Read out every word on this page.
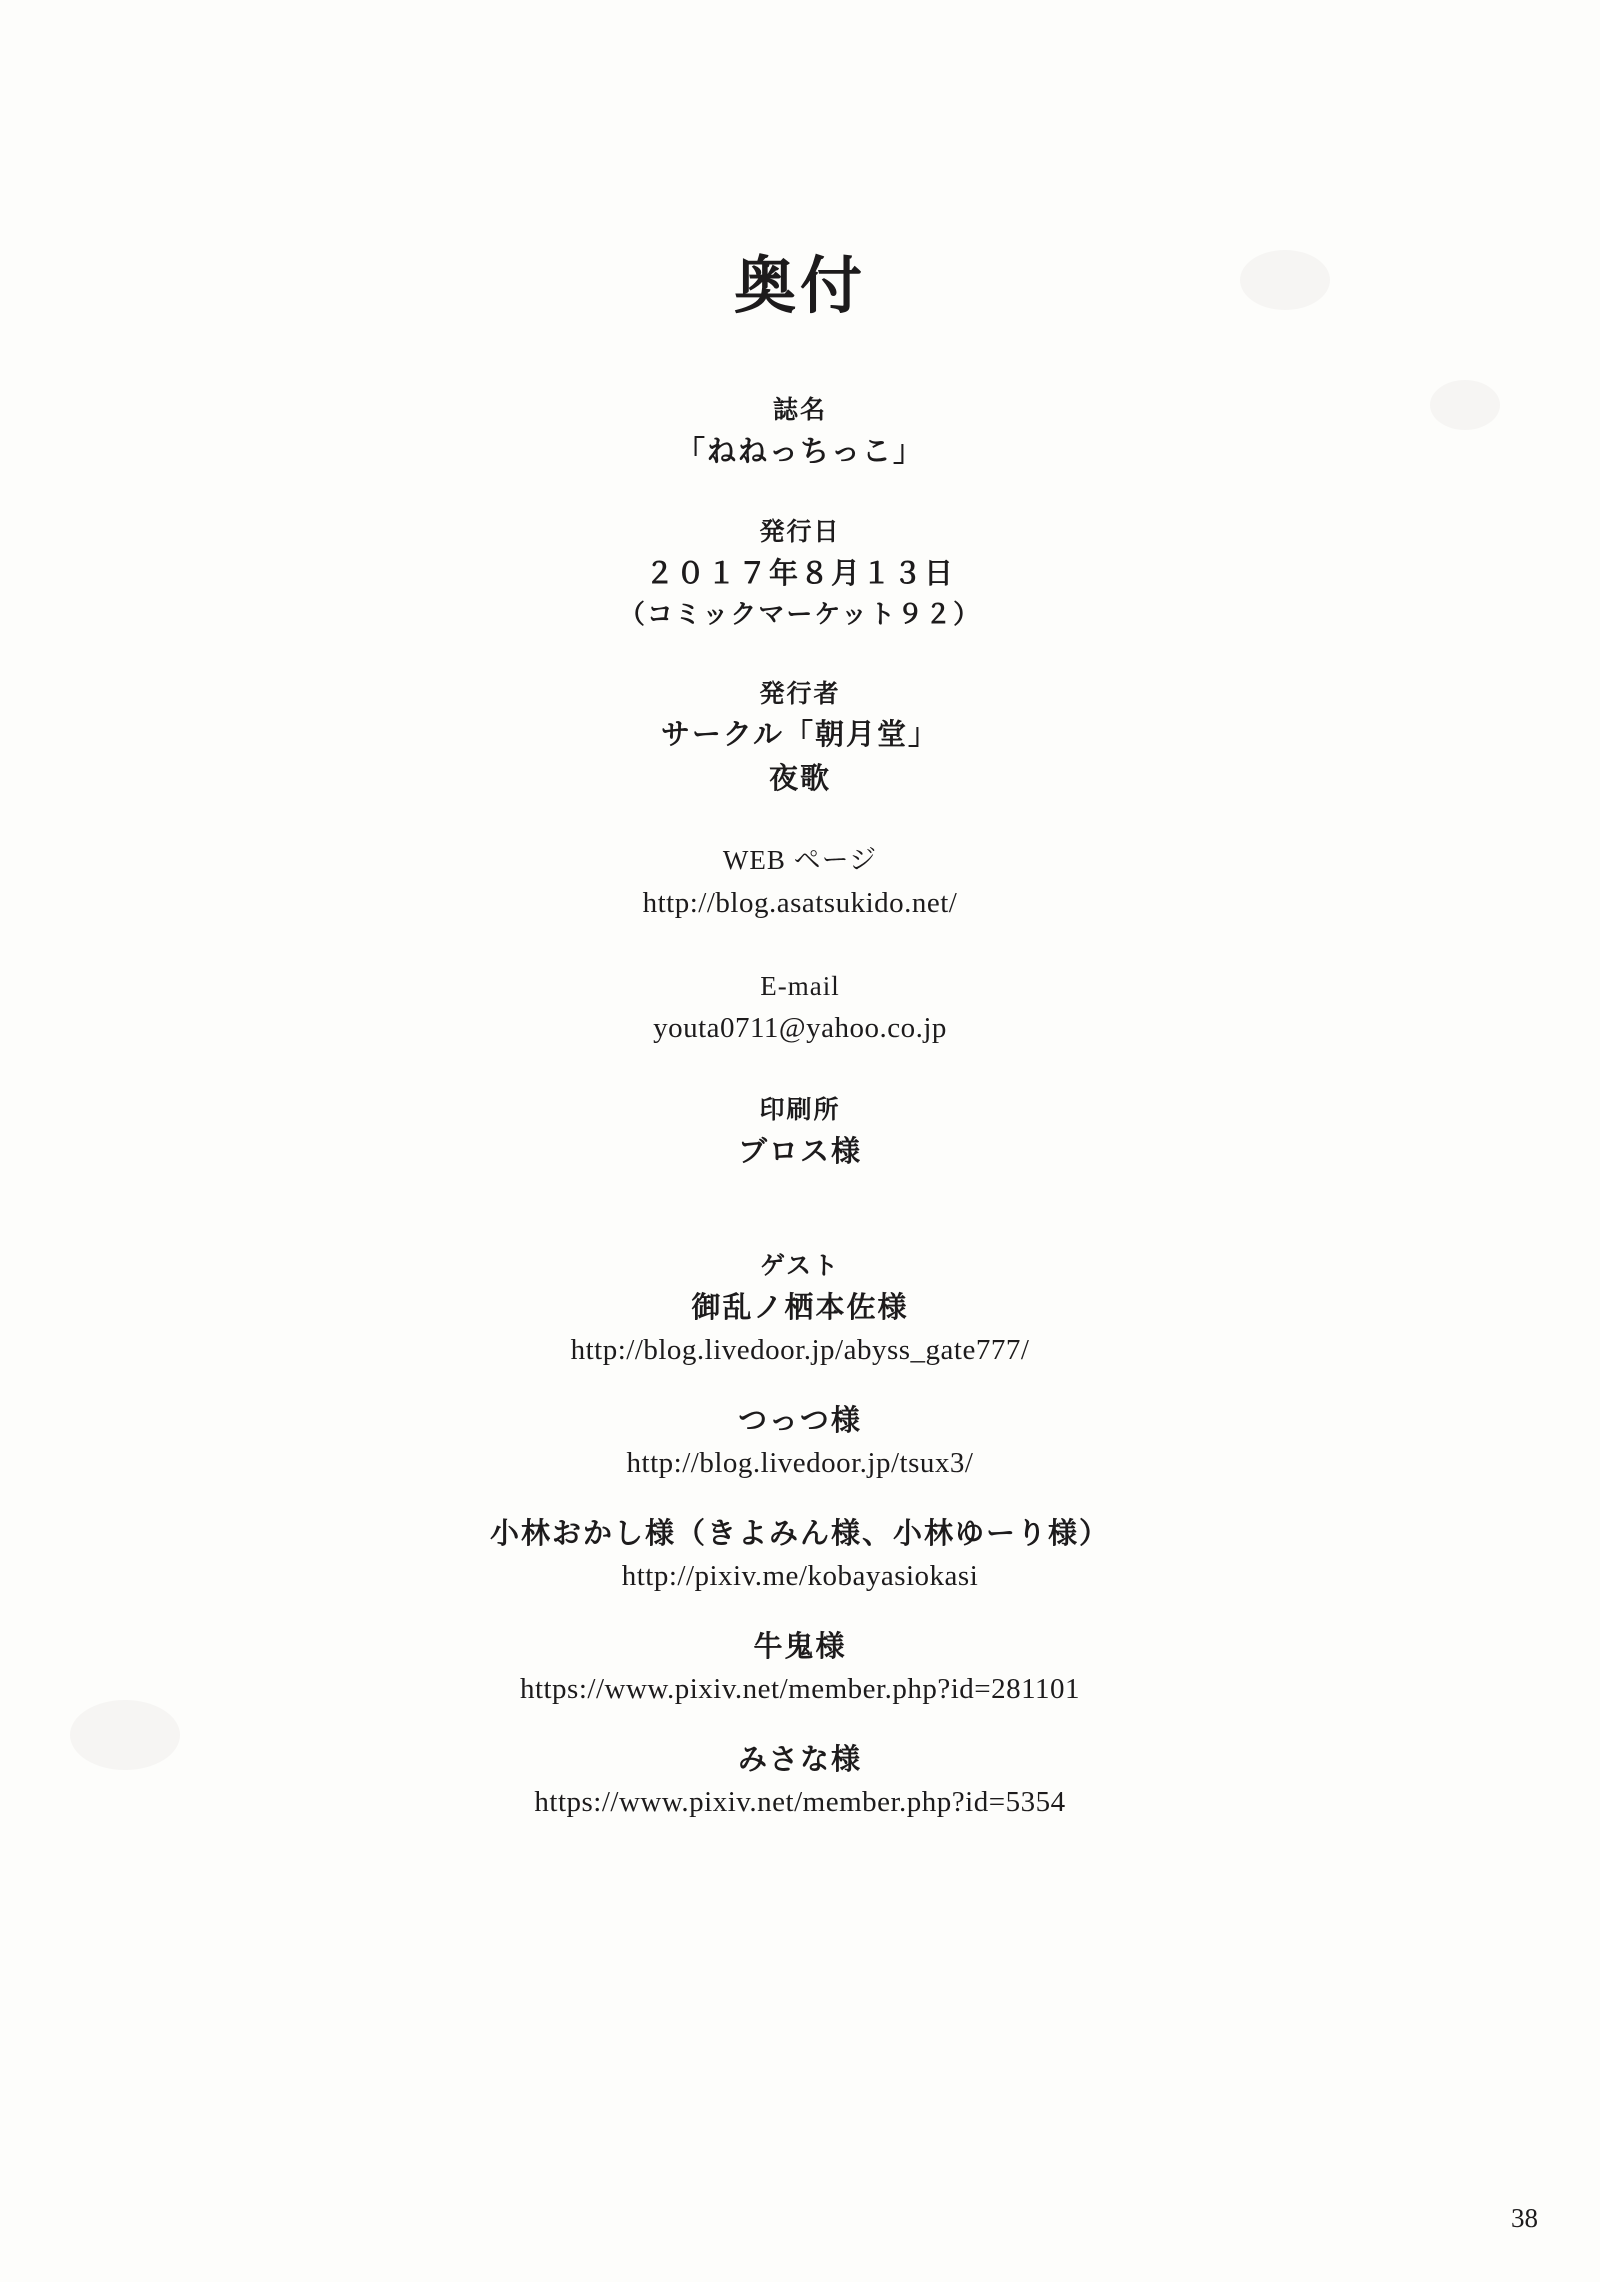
奥付
誌名
「ねねっちっこ」
発行日
２０１７年８月１３日
（コミックマーケット９２）
発行者
サークル「朝月堂」
夜歌
WEB ページ
http://blog.asatsukido.net/
E-mail
youta0711@yahoo.co.jp
印刷所
ブロス様
ゲスト
御乱ノ栖本佐様
http://blog.livedoor.jp/abyss_gate777/
つっつ様
http://blog.livedoor.jp/tsux3/
小林おかし様（きよみん様、小林ゆーり様）
http://pixiv.me/kobayasiokasi
牛鬼様
https://www.pixiv.net/member.php?id=281101
みさな様
https://www.pixiv.net/member.php?id=5354
38
